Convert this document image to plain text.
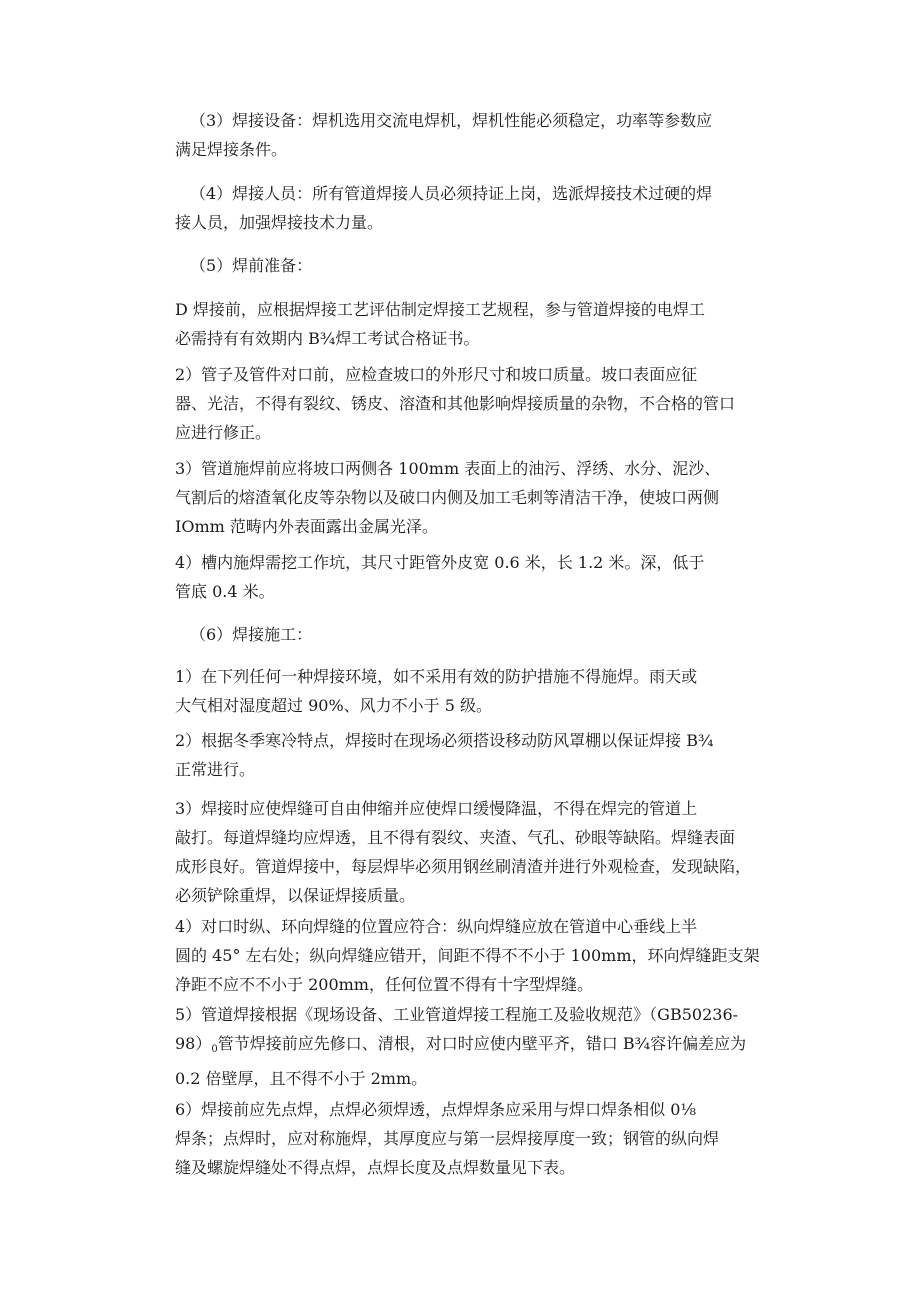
（3）焊接设备：焊机选用交流电焊机，焊机性能必须稳定，功率等参数应
满足焊接条件。

（4）焊接人员：所有管道焊接人员必须持证上岗，选派焊接技术过硬的焊
接人员，加强焊接技术力量。

（5）焊前准备：

D 焊接前，应根据焊接工艺评估制定焊接工艺规程，参与管道焊接的电焊工
必需持有有效期内 B¾焊工考试合格证书。

2）管子及管件对口前，应检查坡口的外形尺寸和坡口质量。坡口表面应征
器、光洁，不得有裂纹、锈皮、溶渣和其他影响焊接质量的杂物，不合格的管口
应进行修正。

3）管道施焊前应将坡口两侧各 100mm 表面上的油污、浮绣、水分、泥沙、
气割后的熔渣氧化皮等杂物以及破口内侧及加工毛刺等清洁干净，使坡口两侧
IOmm 范畴内外表面露出金属光泽。

4）槽内施焊需挖工作坑，其尺寸距管外皮宽 0.6 米，长 1.2 米。深，低于
管底 0.4 米。

（6）焊接施工：

1）在下列任何一种焊接环境，如不采用有效的防护措施不得施焊。雨天或
大气相对湿度超过 90%、风力不小于 5 级。

2）根据冬季寒冷特点，焊接时在现场必须搭设移动防风罩棚以保证焊接 B¾
正常进行。

3）焊接时应使焊缝可自由伸缩并应使焊口缓慢降温，不得在焊完的管道上
敲打。每道焊缝均应焊透，且不得有裂纹、夹渣、气孔、砂眼等缺陷。焊缝表面
成形良好。管道焊接中，每层焊毕必须用钢丝刷清渣并进行外观检查，发现缺陷，
必须铲除重焊，以保证焊接质量。

4）对口时纵、环向焊缝的位置应符合：纵向焊缝应放在管道中心垂线上半
圆的 45° 左右处；纵向焊缝应错开，间距不得不不小于 100mm，环向焊缝距支架
净距不应不不小于 200mm，任何位置不得有十字型焊缝。

5）管道焊接根据《现场设备、工业管道焊接工程施工及验收规范》（GB50236-
$98)_0$管节焊接前应先修口、清根，对口时应使内壁平齐，错口 B¾容许偏差应为
0.2 倍壁厚，且不得不小于 2mm。

6）焊接前应先点焊，点焊必须焊透，点焊焊条应采用与焊口焊条相似 0⅛
焊条；点焊时，应对称施焊，其厚度应与第一层焊接厚度一致；钢管的纵向焊
缝及螺旋焊缝处不得点焊，点焊长度及点焊数量见下表。
